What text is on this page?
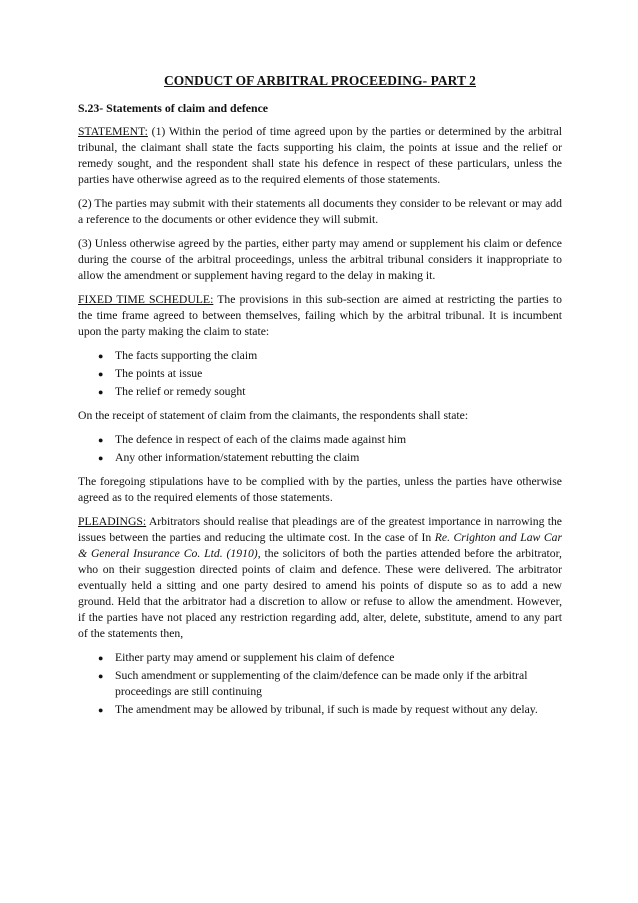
CONDUCT OF ARBITRAL PROCEEDING- PART 2
S.23- Statements of claim and defence

STATEMENT: (1) Within the period of time agreed upon by the parties or determined by the arbitral tribunal, the claimant shall state the facts supporting his claim, the points at issue and the relief or remedy sought, and the respondent shall state his defence in respect of these particulars, unless the parties have otherwise agreed as to the required elements of those statements.

(2) The parties may submit with their statements all documents they consider to be relevant or may add a reference to the documents or other evidence they will submit.

(3) Unless otherwise agreed by the parties, either party may amend or supplement his claim or defence during the course of the arbitral proceedings, unless the arbitral tribunal considers it inappropriate to allow the amendment or supplement having regard to the delay in making it.

FIXED TIME SCHEDULE: The provisions in this sub-section are aimed at restricting the parties to the time frame agreed to between themselves, failing which by the arbitral tribunal. It is incumbent upon the party making the claim to state:

● The facts supporting the claim
● The points at issue
● The relief or remedy sought

On the receipt of statement of claim from the claimants, the respondents shall state:

● The defence in respect of each of the claims made against him
● Any other information/statement rebutting the claim

The foregoing stipulations have to be complied with by the parties, unless the parties have otherwise agreed as to the required elements of those statements.

PLEADINGS: Arbitrators should realise that pleadings are of the greatest importance in narrowing the issues between the parties and reducing the ultimate cost. In the case of In Re. Crighton and Law Car & General Insurance Co. Ltd. (1910), the solicitors of both the parties attended before the arbitrator, who on their suggestion directed points of claim and defence. These were delivered. The arbitrator eventually held a sitting and one party desired to amend his points of dispute so as to add a new ground. Held that the arbitrator had a discretion to allow or refuse to allow the amendment. However, if the parties have not placed any restriction regarding add, alter, delete, substitute, amend to any part of the statements then,

● Either party may amend or supplement his claim of defence
● Such amendment or supplementing of the claim/defence can be made only if the arbitral proceedings are still continuing
● The amendment may be allowed by tribunal, if such is made by request without any delay.
